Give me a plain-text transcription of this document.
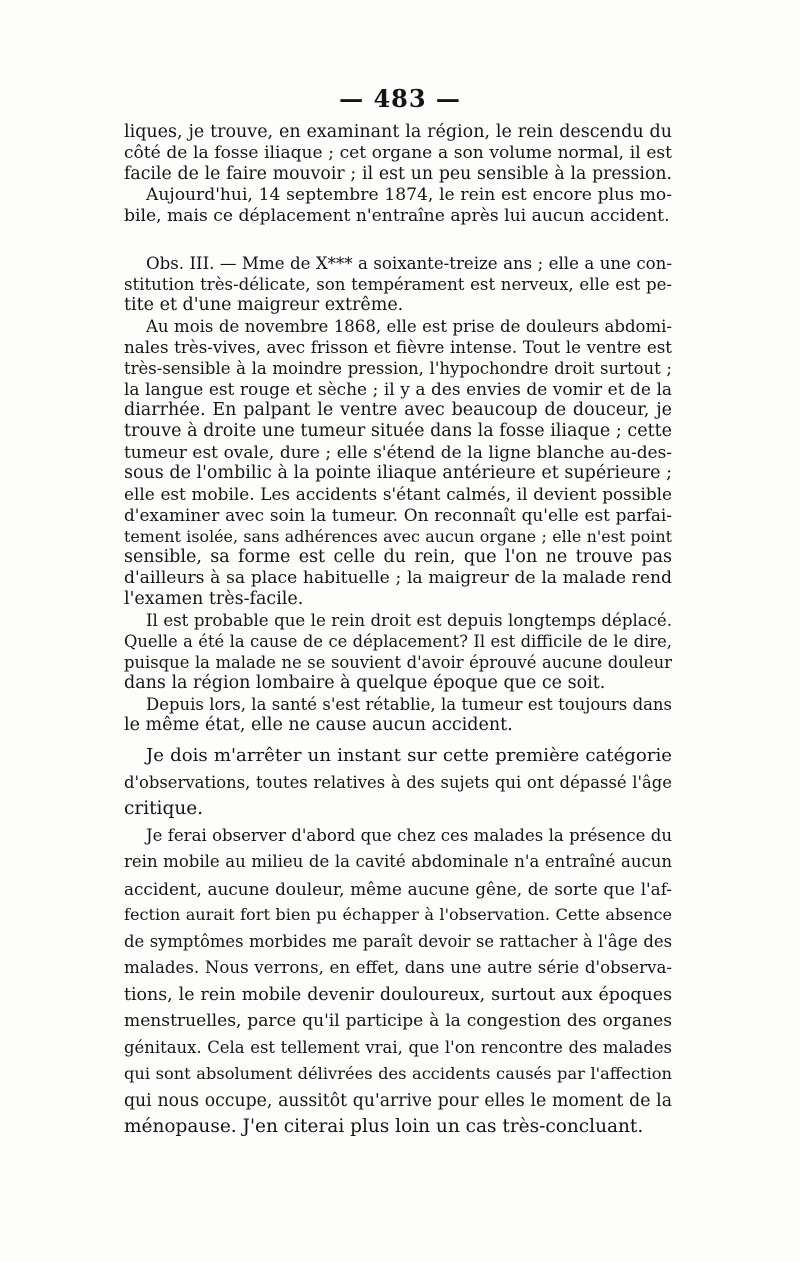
— 483 —
liques, je trouve, en examinant la région, le rein descendu du
côté de la fosse iliaque ; cet organe a son volume normal, il est
facile de le faire mouvoir ; il est un peu sensible à la pression.
Aujourd'hui, 14 septembre 1874, le rein est encore plus mo-
bile, mais ce déplacement n'entraîne après lui aucun accident.
Obs. III. — Mme de X*** a soixante-treize ans ; elle a une con-
stitution très-délicate, son tempérament est nerveux, elle est pe-
tite et d'une maigreur extrême.
Au mois de novembre 1868, elle est prise de douleurs abdomi-
nales très-vives, avec frisson et fièvre intense. Tout le ventre est
très-sensible à la moindre pression, l'hypochondre droit surtout ;
la langue est rouge et sèche ; il y a des envies de vomir et de la
diarrhée. En palpant le ventre avec beaucoup de douceur, je
trouve à droite une tumeur située dans la fosse iliaque ; cette
tumeur est ovale, dure ; elle s'étend de la ligne blanche au-des-
sous de l'ombilic à la pointe iliaque antérieure et supérieure ;
elle est mobile. Les accidents s'étant calmés, il devient possible
d'examiner avec soin la tumeur. On reconnaît qu'elle est parfai-
tement isolée, sans adhérences avec aucun organe ; elle n'est point
sensible, sa forme est celle du rein, que l'on ne trouve pas
d'ailleurs à sa place habituelle ; la maigreur de la malade rend
l'examen très-facile.
Il est probable que le rein droit est depuis longtemps déplacé.
Quelle a été la cause de ce déplacement? Il est difficile de le dire,
puisque la malade ne se souvient d'avoir éprouvé aucune douleur
dans la région lombaire à quelque époque que ce soit.
Depuis lors, la santé s'est rétablie, la tumeur est toujours dans
le même état, elle ne cause aucun accident.
Je dois m'arrêter un instant sur cette première catégorie
d'observations, toutes relatives à des sujets qui ont dépassé l'âge
critique.
Je ferai observer d'abord que chez ces malades la présence du
rein mobile au milieu de la cavité abdominale n'a entraîné aucun
accident, aucune douleur, même aucune gêne, de sorte que l'af-
fection aurait fort bien pu échapper à l'observation. Cette absence
de symptômes morbides me paraît devoir se rattacher à l'âge des
malades. Nous verrons, en effet, dans une autre série d'observa-
tions, le rein mobile devenir douloureux, surtout aux époques
menstruelles, parce qu'il participe à la congestion des organes
génitaux. Cela est tellement vrai, que l'on rencontre des malades
qui sont absolument délivrées des accidents causés par l'affection
qui nous occupe, aussitôt qu'arrive pour elles le moment de la
ménopause. J'en citerai plus loin un cas très-concluant.
